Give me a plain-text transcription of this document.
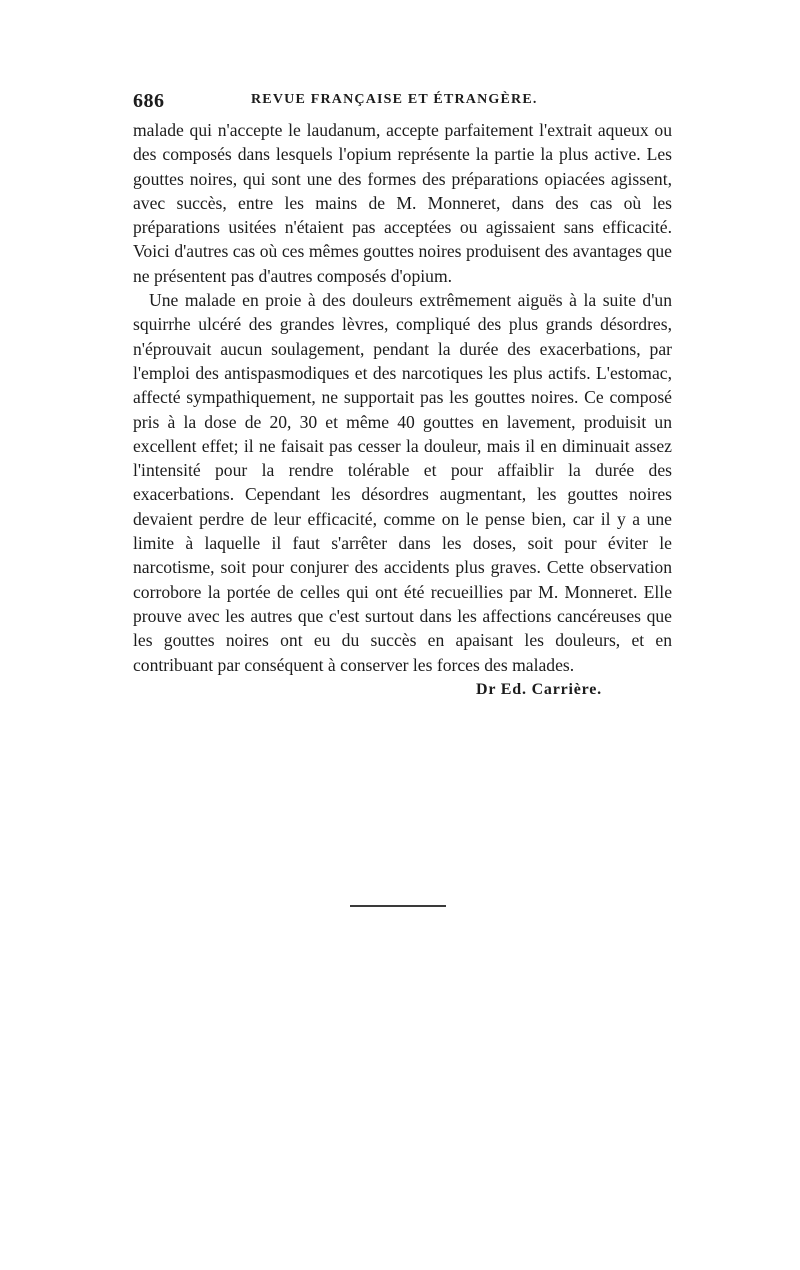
686	REVUE FRANÇAISE ET ÉTRANGÈRE.

malade qui n'accepte le laudanum, accepte parfaitement l'extrait aqueux ou des composés dans lesquels l'opium représente la partie la plus active. Les gouttes noires, qui sont une des formes des préparations opiacées agissent, avec succès, entre les mains de M. Monneret, dans des cas où les préparations usitées n'étaient pas acceptées ou agissaient sans efficacité. Voici d'autres cas où ces mêmes gouttes noires produisent des avantages que ne présentent pas d'autres composés d'opium.

Une malade en proie à des douleurs extrêmement aiguës à la suite d'un squirrhe ulcéré des grandes lèvres, compliqué des plus grands désordres, n'éprouvait aucun soulagement, pendant la durée des exacerbations, par l'emploi des antispasmodiques et des narcotiques les plus actifs. L'estomac, affecté sympathiquement, ne supportait pas les gouttes noires. Ce composé pris à la dose de 20, 30 et même 40 gouttes en lavement, produisit un excellent effet; il ne faisait pas cesser la douleur, mais il en diminuait assez l'intensité pour la rendre tolérable et pour affaiblir la durée des exacerbations. Cependant les désordres augmentant, les gouttes noires devaient perdre de leur efficacité, comme on le pense bien, car il y a une limite à laquelle il faut s'arrêter dans les doses, soit pour éviter le narcotisme, soit pour conjurer des accidents plus graves. Cette observation corrobore la portée de celles qui ont été recueillies par M. Monneret. Elle prouve avec les autres que c'est surtout dans les affections cancéreuses que les gouttes noires ont eu du succès en apaisant les douleurs, et en contribuant par conséquent à conserver les forces des malades.

Dr Ed. Carrière.
